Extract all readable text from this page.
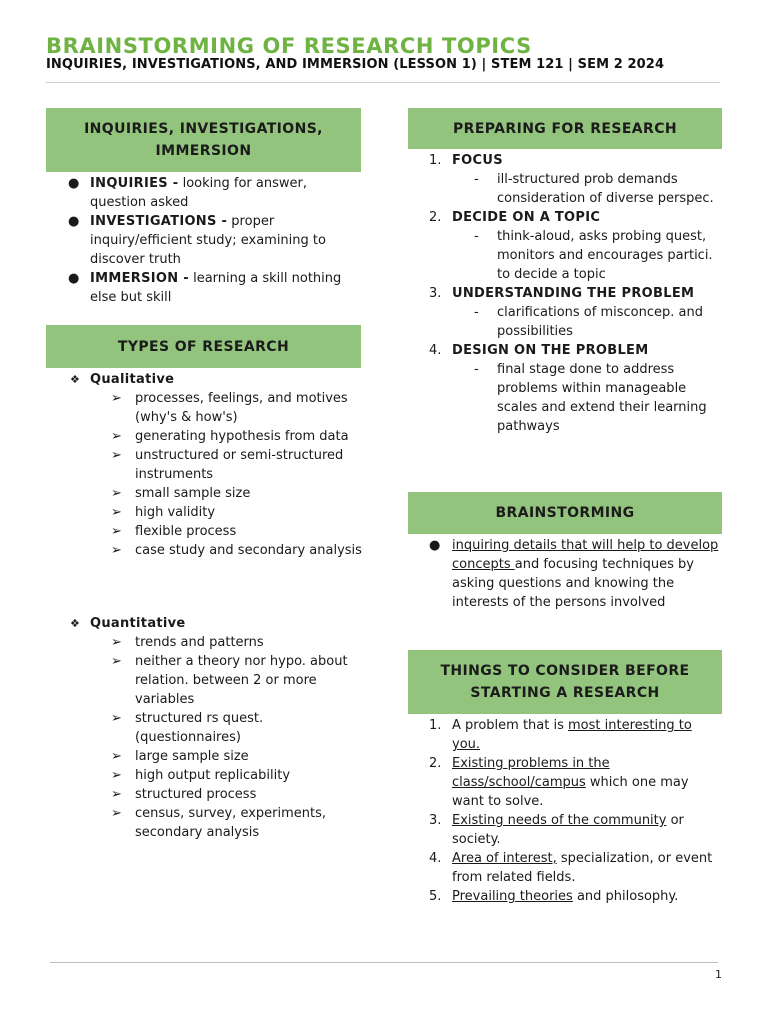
BRAINSTORMING OF RESEARCH TOPICS
INQUIRIES, INVESTIGATIONS, AND IMMERSION (LESSON 1) | STEM 121 | SEM 2 2024
INQUIRIES, INVESTIGATIONS, IMMERSION
● INQUIRIES - looking for answer, question asked
● INVESTIGATIONS - proper inquiry/efficient study; examining to discover truth
● IMMERSION - learning a skill nothing else but skill
TYPES OF RESEARCH
❖ Qualitative
➢	processes, feelings, and motives (why's & how's)
➢	generating hypothesis from data
➢	unstructured or semi-structured instruments
➢	small sample size
➢	high validity
➢	flexible process
➢	case study and secondary analysis
❖ Quantitative
➢	trends and patterns
➢	neither a theory nor hypo. about relation. between 2 or more variables
➢	structured rs quest. (questionnaires)
➢	large sample size
➢	high output replicability
➢	structured process
➢	census, survey, experiments, secondary analysis
PREPARING FOR RESEARCH
1. FOCUS
-	ill-structured prob demands consideration of diverse perspec.
2. DECIDE ON A TOPIC
-	think-aloud, asks probing quest, monitors and encourages partici. to decide a topic
3. UNDERSTANDING THE PROBLEM
-	clarifications of misconcep. and possibilities
4. DESIGN ON THE PROBLEM
-	final stage done to address problems within manageable scales and extend their learning pathways
BRAINSTORMING
● inquiring details that will help to develop concepts and focusing techniques by asking questions and knowing the interests of the persons involved
THINGS TO CONSIDER BEFORE STARTING A RESEARCH
1. A problem that is most interesting to you.
2. Existing problems in the class/school/campus which one may want to solve.
3. Existing needs of the community or society.
4. Area of interest, specialization, or event from related fields.
5. Prevailing theories and philosophy.
1
